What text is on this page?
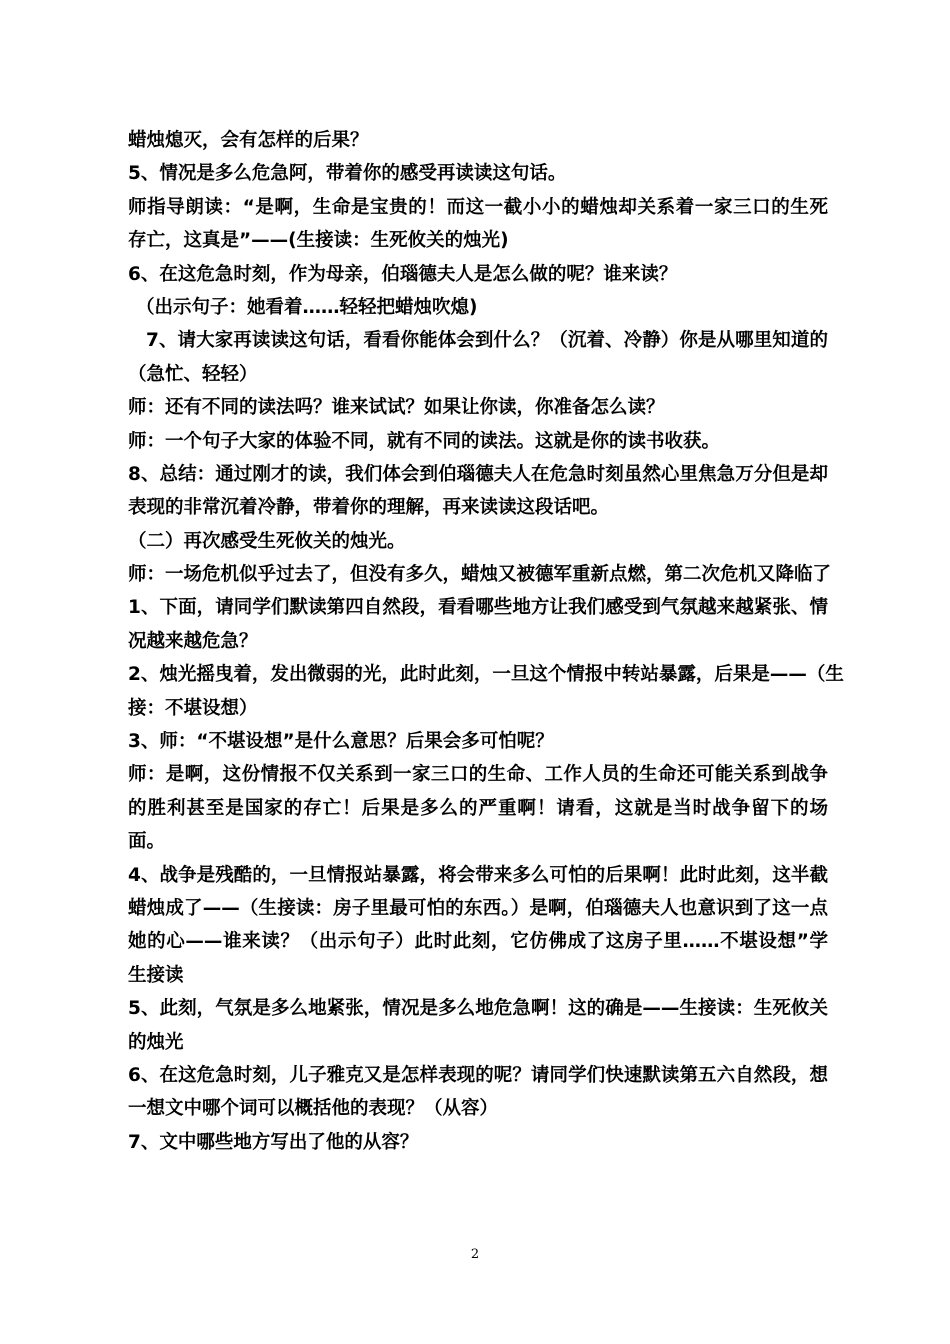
蜡烛熄灭，会有怎样的后果？
5、情况是多么危急阿，带着你的感受再读读这句话。
师指导朗读：“是啊，生命是宝贵的！而这一截小小的蜡烛却关系着一家三口的生死
存亡，这真是”——(生接读：生死攸关的烛光)
6、在这危急时刻，作为母亲，伯瑙德夫人是怎么做的呢？谁来读？
（出示句子：她看着……轻轻把蜡烛吹熄)
7、请大家再读读这句话，看看你能体会到什么？（沉着、冷静）你是从哪里知道的
（急忙、轻轻）
师：还有不同的读法吗？谁来试试？如果让你读，你准备怎么读？
师：一个句子大家的体验不同，就有不同的读法。这就是你的读书收获。
8、总结：通过刚才的读，我们体会到伯瑙德夫人在危急时刻虽然心里焦急万分但是却
表现的非常沉着冷静，带着你的理解，再来读读这段话吧。
（二）再次感受生死攸关的烛光。
师：一场危机似乎过去了，但没有多久，蜡烛又被德军重新点燃，第二次危机又降临了
1、下面，请同学们默读第四自然段，看看哪些地方让我们感受到气氛越来越紧张、情
况越来越危急？
2、烛光摇曳着，发出微弱的光，此时此刻，一旦这个情报中转站暴露，后果是——（生
接：不堪设想）
3、师：“不堪设想”是什么意思？后果会多可怕呢？
师：是啊，这份情报不仅关系到一家三口的生命、工作人员的生命还可能关系到战争
的胜利甚至是国家的存亡！后果是多么的严重啊！请看，这就是当时战争留下的场
面。
4、战争是残酷的，一旦情报站暴露，将会带来多么可怕的后果啊！此时此刻，这半截
蜡烛成了——（生接读：房子里最可怕的东西。）是啊，伯瑙德夫人也意识到了这一点
她的心——谁来读？（出示句子）此时此刻，它仿佛成了这房子里……不堪设想”学
生接读
5、此刻，气氛是多么地紧张，情况是多么地危急啊！这的确是——生接读：生死攸关
的烛光
6、在这危急时刻，儿子雅克又是怎样表现的呢？请同学们快速默读第五六自然段，想
一想文中哪个词可以概括他的表现？（从容）
7、文中哪些地方写出了他的从容？
2
